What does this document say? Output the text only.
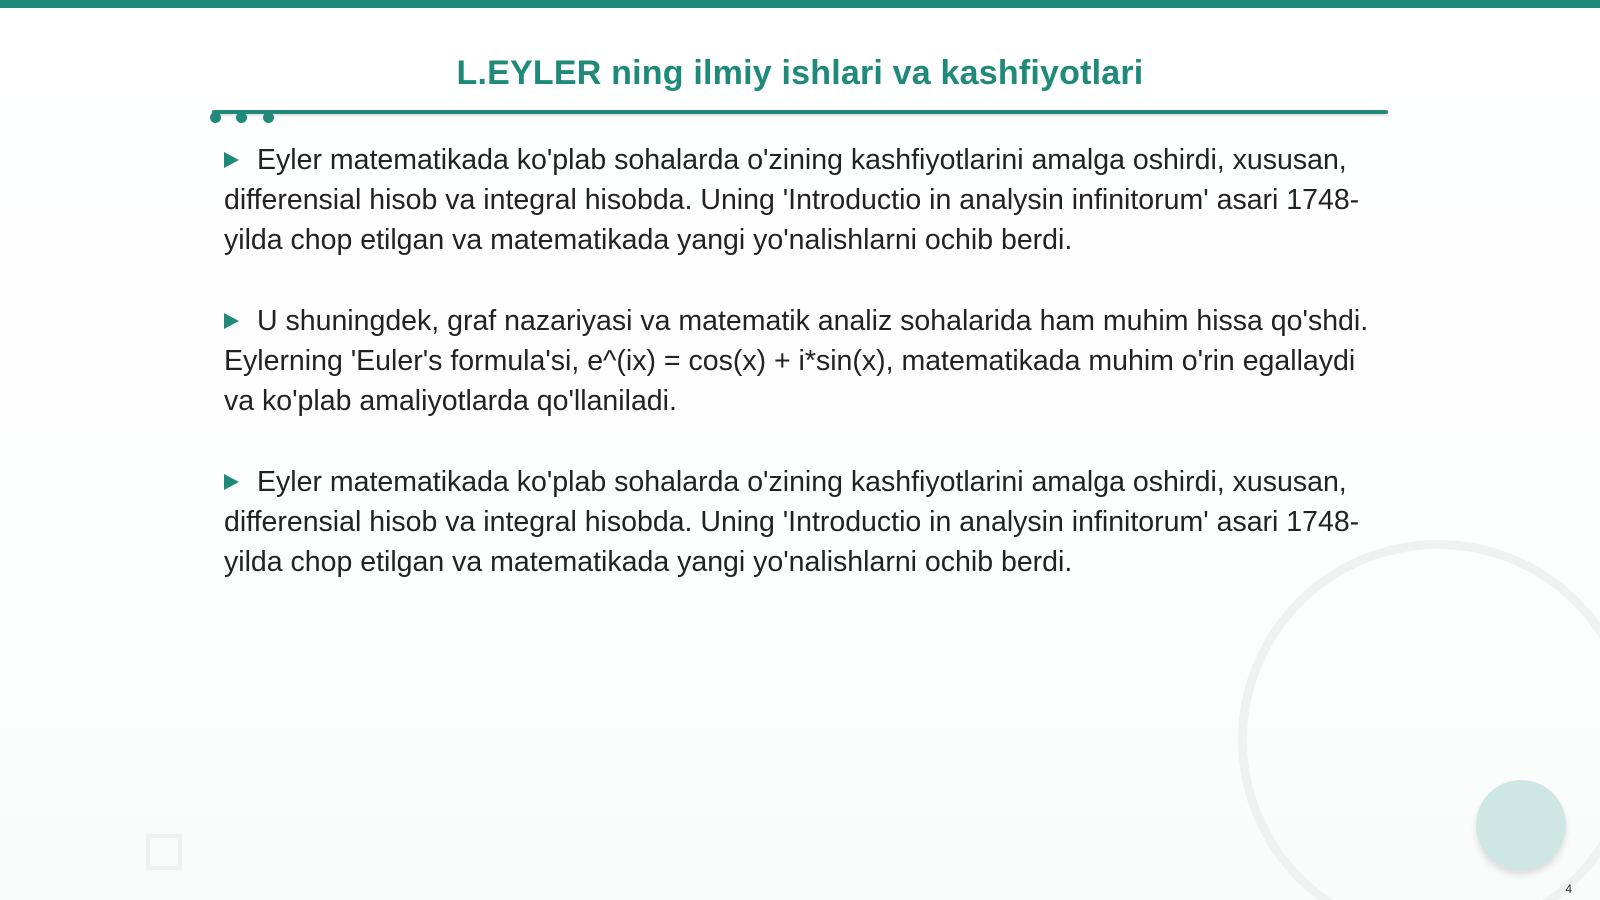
L.EYLER ning ilmiy ishlari va kashfiyotlari

Eyler matematikada ko'plab sohalarda o'zining kashfiyotlarini amalga oshirdi, xususan, differensial hisob va integral hisobda. Uning 'Introductio in analysin infinitorum' asari 1748-yilda chop etilgan va matematikada yangi yo'nalishlarni ochib berdi.

U shuningdek, graf nazariyasi va matematik analiz sohalarida ham muhim hissa qo'shdi. Eylerning 'Euler's formula'si, e^(ix) = cos(x) + i*sin(x), matematikada muhim o'rin egallaydi va ko'plab amaliyotlarda qo'llaniladi.

Eyler matematikada ko'plab sohalarda o'zining kashfiyotlarini amalga oshirdi, xususan, differensial hisob va integral hisobda. Uning 'Introductio in analysin infinitorum' asari 1748-yilda chop etilgan va matematikada yangi yo'nalishlarni ochib berdi.

4
